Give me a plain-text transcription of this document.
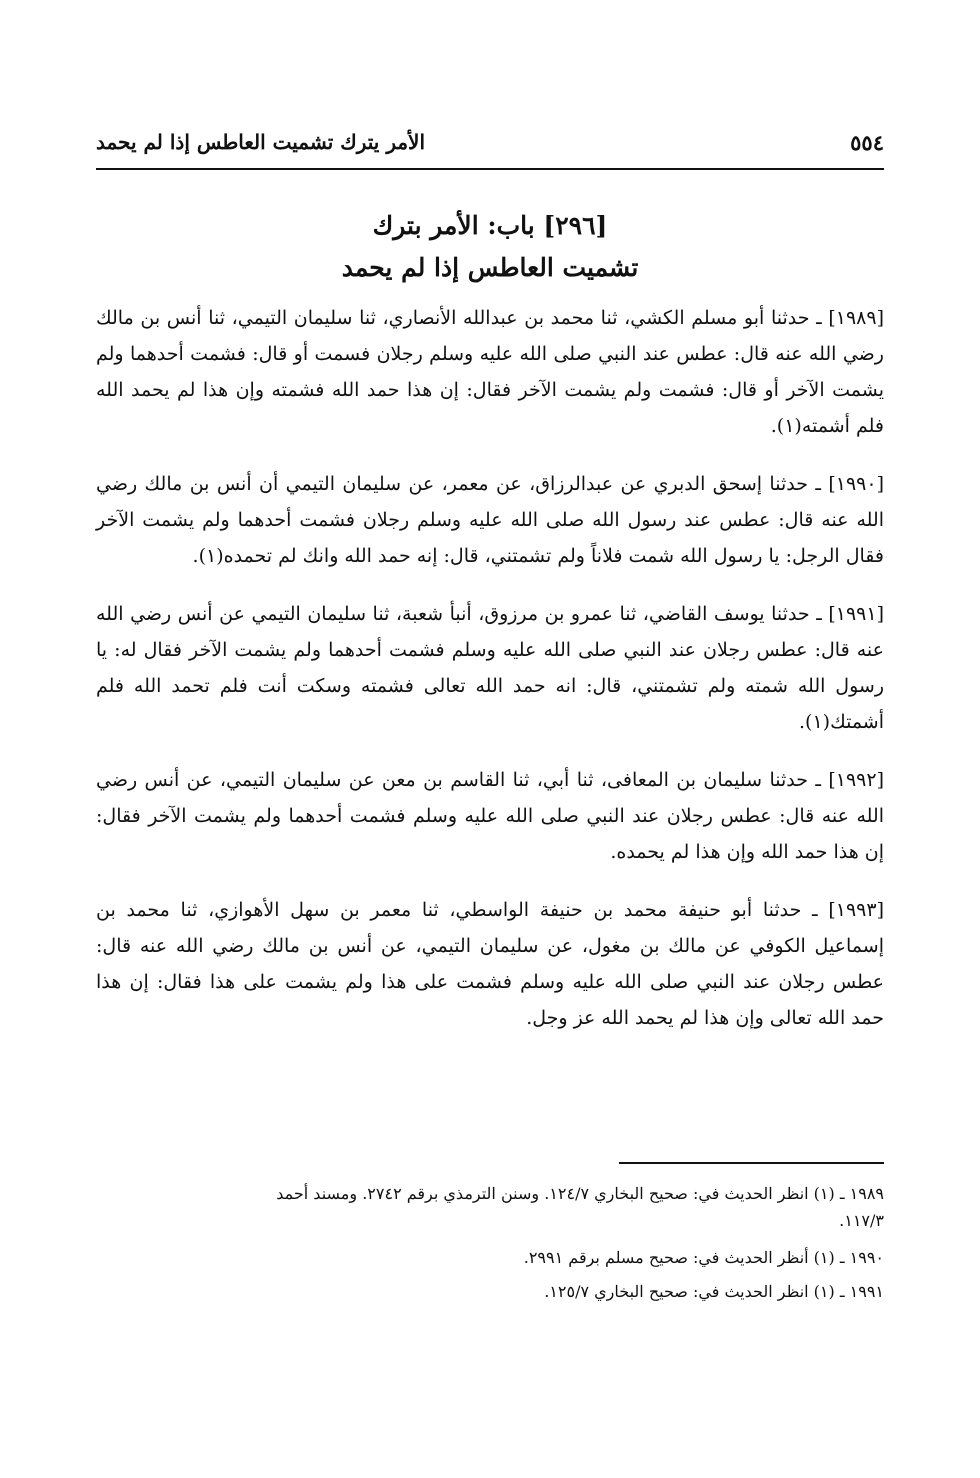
الأمر يترك تشميت العاطس إذا لم يحمد	٥٥٤
[٢٩٦] باب: الأمر بترك
تشميت العاطس إذا لم يحمد

[١٩٨٩] ـ حدثنا أبو مسلم الكشي، ثنا محمد بن عبدالله الأنصاري، ثنا سليمان التيمي، ثنا أنس بن مالك رضي الله عنه قال: عطس عند النبي صلى الله عليه وسلم رجلان فسمت أو قال: فشمت أحدهما ولم يشمت الآخر أو قال: فشمت ولم يشمت الآخر فقال: إن هذا حمد الله فشمته وإن هذا لم يحمد الله فلم أشمته(١).

[١٩٩٠] ـ حدثنا إسحق الدبري عن عبدالرزاق، عن معمر، عن سليمان التيمي أن أنس بن مالك رضي الله عنه قال: عطس عند رسول الله صلى الله عليه وسلم رجلان فشمت أحدهما ولم يشمت الآخر فقال الرجل: يا رسول الله شمت فلاناً ولم تشمتني، قال: إنه حمد الله وانك لم تحمده(١).

[١٩٩١] ـ حدثنا يوسف القاضي، ثنا عمرو بن مرزوق، أنبأ شعبة، ثنا سليمان التيمي عن أنس رضي الله عنه قال: عطس رجلان عند النبي صلى الله عليه وسلم فشمت أحدهما ولم يشمت الآخر فقال له: يا رسول الله شمته ولم تشمتني، قال: انه حمد الله تعالى فشمته وسكت أنت فلم تحمد الله فلم أشمتك(١).

[١٩٩٢] ـ حدثنا سليمان بن المعافى، ثنا أبي، ثنا القاسم بن معن عن سليمان التيمي، عن أنس رضي الله عنه قال: عطس رجلان عند النبي صلى الله عليه وسلم فشمت أحدهما ولم يشمت الآخر فقال: إن هذا حمد الله وإن هذا لم يحمده.

[١٩٩٣] ـ حدثنا أبو حنيفة محمد بن حنيفة الواسطي، ثنا معمر بن سهل الأهوازي، ثنا محمد بن إسماعيل الكوفي عن مالك بن مغول، عن سليمان التيمي، عن أنس بن مالك رضي الله عنه قال: عطس رجلان عند النبي صلى الله عليه وسلم فشمت على هذا ولم يشمت على هذا فقال: إن هذا حمد الله تعالى وإن هذا لم يحمد الله عز وجل.

١٩٨٩ ـ (١) انظر الحديث في: صحيح البخاري ١٢٤/٧. وسنن الترمذي برقم ٢٧٤٢. ومسند أحمد
١١٧/٣.
١٩٩٠ ـ (١) أنظر الحديث في: صحيح مسلم برقم ٢٩٩١.
١٩٩١ ـ (١) انظر الحديث في: صحيح البخاري ١٢٥/٧.
